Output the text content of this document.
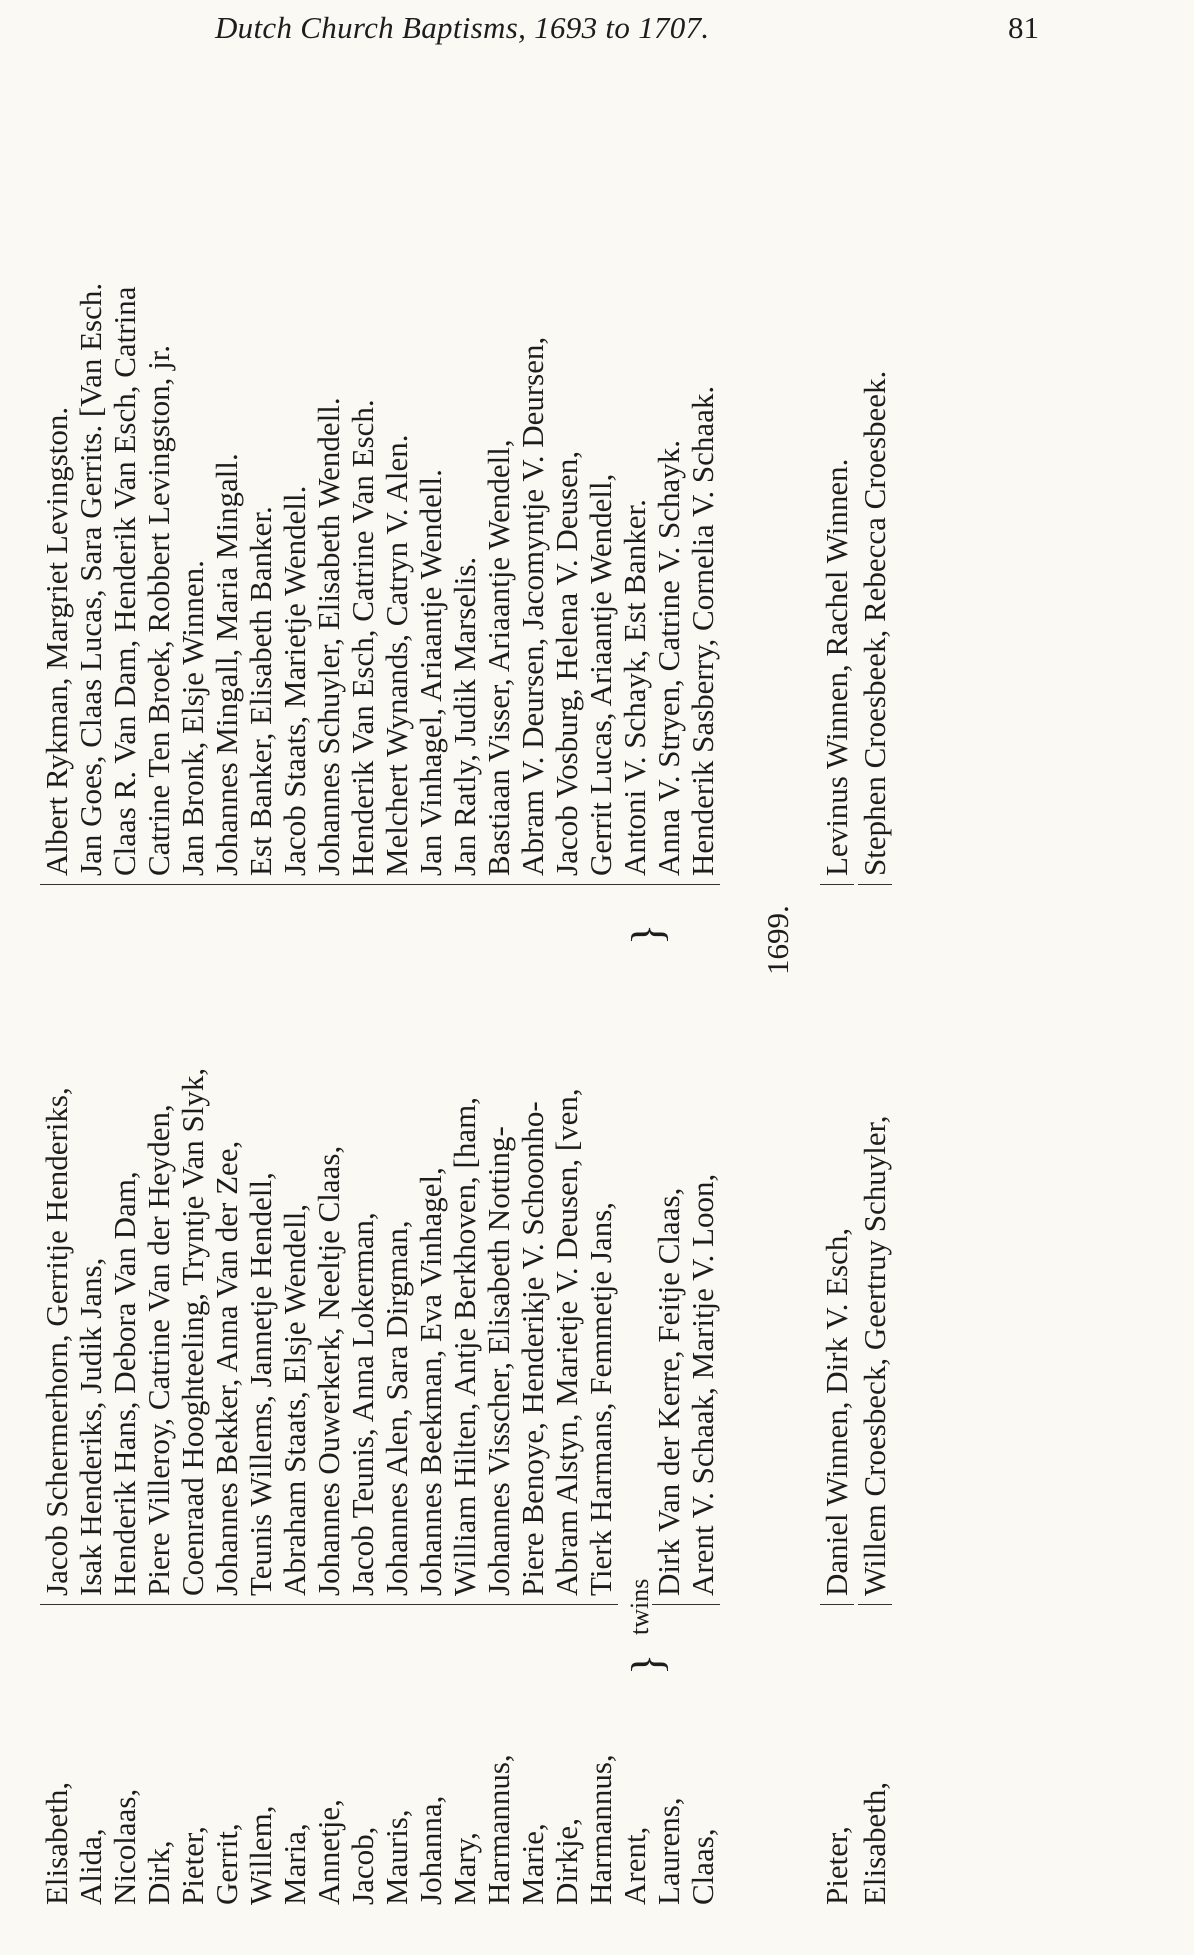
Dutch Church Baptisms, 1693 to 1707.	81
Elisabeth,
Jacob Schermerhorn, Gerritje Henderiks,
Albert Rykman, Margriet Levingston.
Alida,
Isak Henderiks, Judik Jans,
Jan Goes, Claas Lucas, Sara Gerrits. [Van Esch.
Nicolaas,
Henderik Hans, Debora Van Dam,
Claas R. Van Dam, Henderik Van Esch, Catrina
Dirk,
Piere Villeroy, Catrine Van der Heyden,
Catrine Ten Broek, Robbert Levingston, jr.
Pieter,
Coenraad Hooghteeling, Tryntje Van Slyk,
Jan Bronk, Elsje Winnen.
Gerrit,
Johannes Bekker, Anna Van der Zee,
Johannes Mingall, Maria Mingall.
Willem,
Teunis Willems, Jannetje Hendell,
Est Banker, Elisabeth Banker.
Maria,
Abraham Staats, Elsje Wendell,
Jacob Staats, Marietje Wendell.
Annetje,
Johannes Ouwerkerk, Neeltje Claas,
Johannes Schuyler, Elisabeth Wendell.
Jacob,
Jacob Teunis, Anna Lokerman,
Henderik Van Esch, Catrine Van Esch.
Mauris,
Johannes Alen, Sara Dirgman,
Melchert Wynands, Catryn V. Alen.
Johanna,
Johannes Beekman, Eva Vinhagel,
Jan Vinhagel, Ariaantje Wendell.
Mary,
William Hilten, Antje Berkhoven, [ham,
Jan Ratly, Judik Marselis.
Harmannus,
Johannes Visscher, Elisabeth Notting-
Bastiaan Visser, Ariaantje Wendell,
Marie,
Piere Benoye, Henderikje V. Schoonho-
Abram V. Deursen, Jacomyntje V. Deursen,
Dirkje,
Abram Alstyn, Marietje V. Deusen, [ven,
Jacob Vosburg, Helena V. Deusen,
Harmannus,
Tierk Harmans, Femmetje Jans,
Gerrit Lucas, Ariaantje Wendell,
Arent,
Antoni V. Schayk, Est Banker.
Laurens,
Dirk Van der Kerre, Feitje Claas,
Anna V. Stryen, Catrine V. Schayk.
Claas,
Arent V. Schaak, Maritje V. Loon,
Henderik Sasberry, Cornelia V. Schaak.
Pieter,
Daniel Winnen, Dirk V. Esch,
Levinus Winnen, Rachel Winnen.
Elisabeth,
Willem Croesbeck, Geertruy Schuyler,
Stephen Croesbeek, Rebecca Croesbeek.
1699.
twins
}
}
